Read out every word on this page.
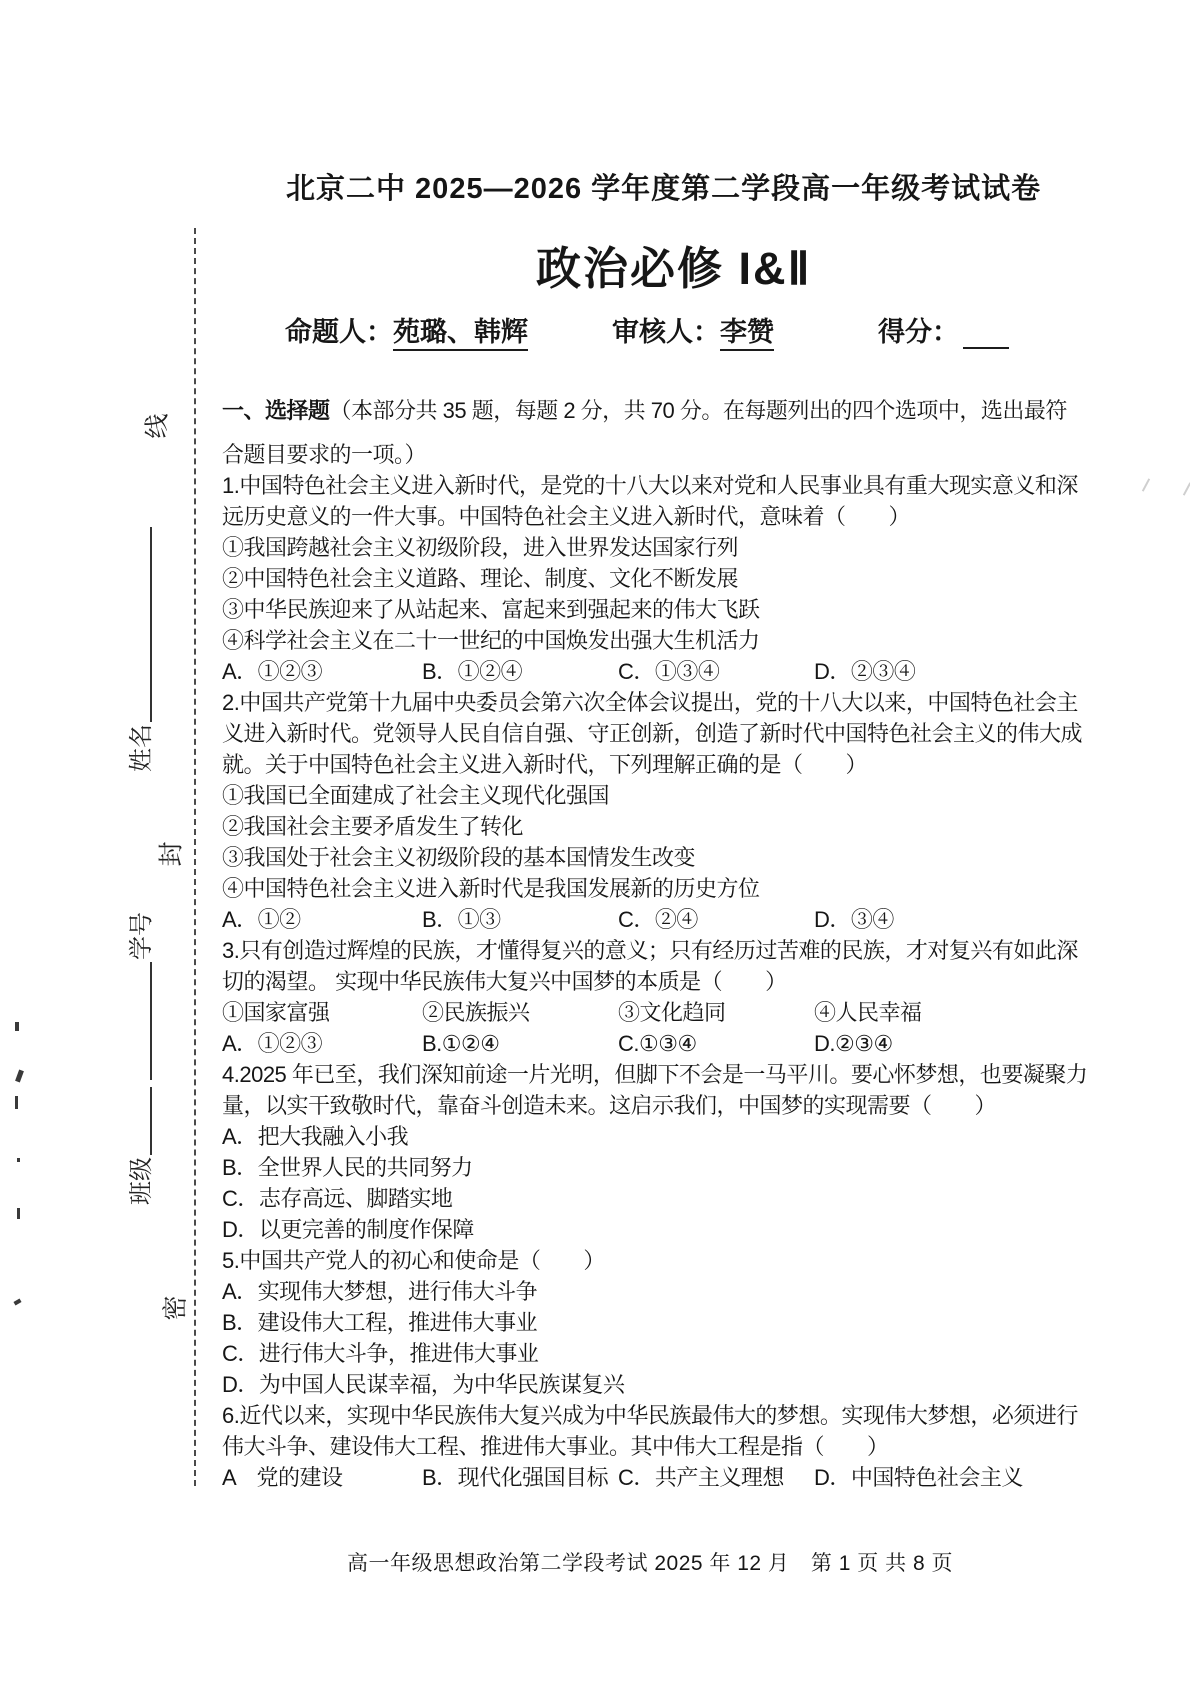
北京二中 2025—2026 学年度第二学段高一年级考试试卷
政治必修 I&Ⅱ
命题人：苑璐、韩辉	审核人：李赞	得分：
线
封
密
姓名
学号
班级
一、选择题（本部分共 35 题，每题 2 分，共 70 分。在每题列出的四个选项中，选出最符
合题目要求的一项。）
1.中国特色社会主义进入新时代，是党的十八大以来对党和人民事业具有重大现实意义和深
远历史意义的一件大事。中国特色社会主义进入新时代，意味着（　　）
①我国跨越社会主义初级阶段，进入世界发达国家行列
②中国特色社会主义道路、理论、制度、文化不断发展
③中华民族迎来了从站起来、富起来到强起来的伟大飞跃
④科学社会主义在二十一世纪的中国焕发出强大生机活力
A．①②③	B．①②④	C．①③④	D．②③④
2.中国共产党第十九届中央委员会第六次全体会议提出，党的十八大以来，中国特色社会主
义进入新时代。党领导人民自信自强、守正创新，创造了新时代中国特色社会主义的伟大成
就。关于中国特色社会主义进入新时代，下列理解正确的是（　　）
①我国已全面建成了社会主义现代化强国
②我国社会主要矛盾发生了转化
③我国处于社会主义初级阶段的基本国情发生改变
④中国特色社会主义进入新时代是我国发展新的历史方位
A．①②	B．①③	C．②④	D．③④
3.只有创造过辉煌的民族，才懂得复兴的意义；只有经历过苦难的民族，才对复兴有如此深
切的渴望。 实现中华民族伟大复兴中国梦的本质是（　　）
①国家富强	②民族振兴	③文化趋同	④人民幸福
A．①②③	B.①②④	C.①③④	D.②③④
4.2025 年已至，我们深知前途一片光明，但脚下不会是一马平川。要心怀梦想，也要凝聚力
量，以实干致敬时代，靠奋斗创造未来。这启示我们，中国梦的实现需要（　　）
A．把大我融入小我
B．全世界人民的共同努力
C．志存高远、脚踏实地
D．以更完善的制度作保障
5.中国共产党人的初心和使命是（　　）
A．实现伟大梦想，进行伟大斗争
B．建设伟大工程，推进伟大事业
C．进行伟大斗争，推进伟大事业
D．为中国人民谋幸福，为中华民族谋复兴
6.近代以来，实现中华民族伟大复兴成为中华民族最伟大的梦想。实现伟大梦想，必须进行
伟大斗争、建设伟大工程、推进伟大事业。其中伟大工程是指（　　）
A　党的建设	B．现代化强国目标 C．共产主义理想	D．中国特色社会主义
高一年级思想政治第二学段考试 2025 年 12 月　第 1 页 共 8 页
